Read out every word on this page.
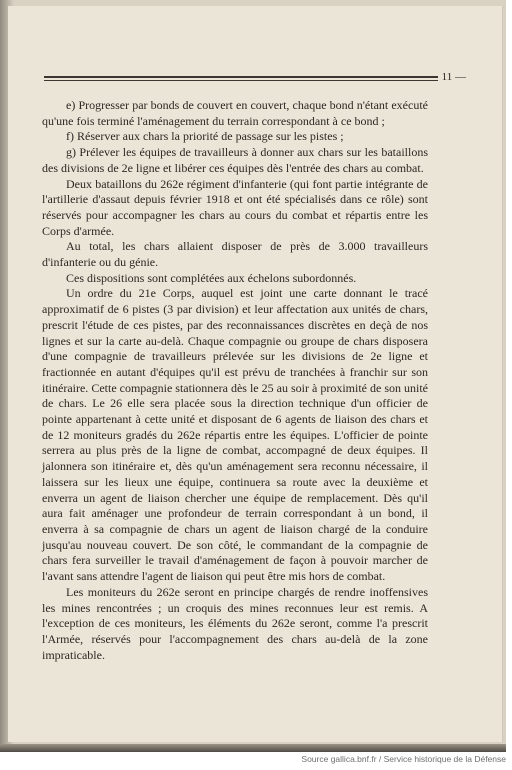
11 —

e) Progresser par bonds de couvert en couvert, chaque bond n'étant exécuté qu'une fois terminé l'aménagement du terrain correspondant à ce bond ;

f) Réserver aux chars la priorité de passage sur les pistes ;

g) Prélever les équipes de travailleurs à donner aux chars sur les bataillons des divisions de 2e ligne et libérer ces équipes dès l'entrée des chars au combat.

Deux bataillons du 262e régiment d'infanterie (qui font partie intégrante de l'artillerie d'assaut depuis février 1918 et ont été spécialisés dans ce rôle) sont réservés pour accompagner les chars au cours du combat et répartis entre les Corps d'armée.

Au total, les chars allaient disposer de près de 3.000 travailleurs d'infanterie ou du génie.

Ces dispositions sont complétées aux échelons subordonnés.

Un ordre du 21e Corps, auquel est joint une carte donnant le tracé approximatif de 6 pistes (3 par division) et leur affectation aux unités de chars, prescrit l'étude de ces pistes, par des reconnaissances discrètes en deçà de nos lignes et sur la carte au-delà. Chaque compagnie ou groupe de chars disposera d'une compagnie de travailleurs prélevée sur les divisions de 2e ligne et fractionnée en autant d'équipes qu'il est prévu de tranchées à franchir sur son itinéraire. Cette compagnie stationnera dès le 25 au soir à proximité de son unité de chars. Le 26 elle sera placée sous la direction technique d'un officier de pointe appartenant à cette unité et disposant de 6 agents de liaison des chars et de 12 moniteurs gradés du 262e répartis entre les équipes. L'officier de pointe serrera au plus près de la ligne de combat, accompagné de deux équipes. Il jalonnera son itinéraire et, dès qu'un aménagement sera reconnu nécessaire, il laissera sur les lieux une équipe, continuera sa route avec la deuxième et enverra un agent de liaison chercher une équipe de remplacement. Dès qu'il aura fait aménager une profondeur de terrain correspondant à un bond, il enverra à sa compagnie de chars un agent de liaison chargé de la conduire jusqu'au nouveau couvert. De son côté, le commandant de la compagnie de chars fera surveiller le travail d'aménagement de façon à pouvoir marcher de l'avant sans attendre l'agent de liaison qui peut être mis hors de combat.

Les moniteurs du 262e seront en principe chargés de rendre inoffensives les mines rencontrées ; un croquis des mines reconnues leur est remis. A l'exception de ces moniteurs, les éléments du 262e seront, comme l'a prescrit l'Armée, réservés pour l'accompagnement des chars au-delà de la zone impraticable.

Source gallica.bnf.fr / Service historique de la Défense
